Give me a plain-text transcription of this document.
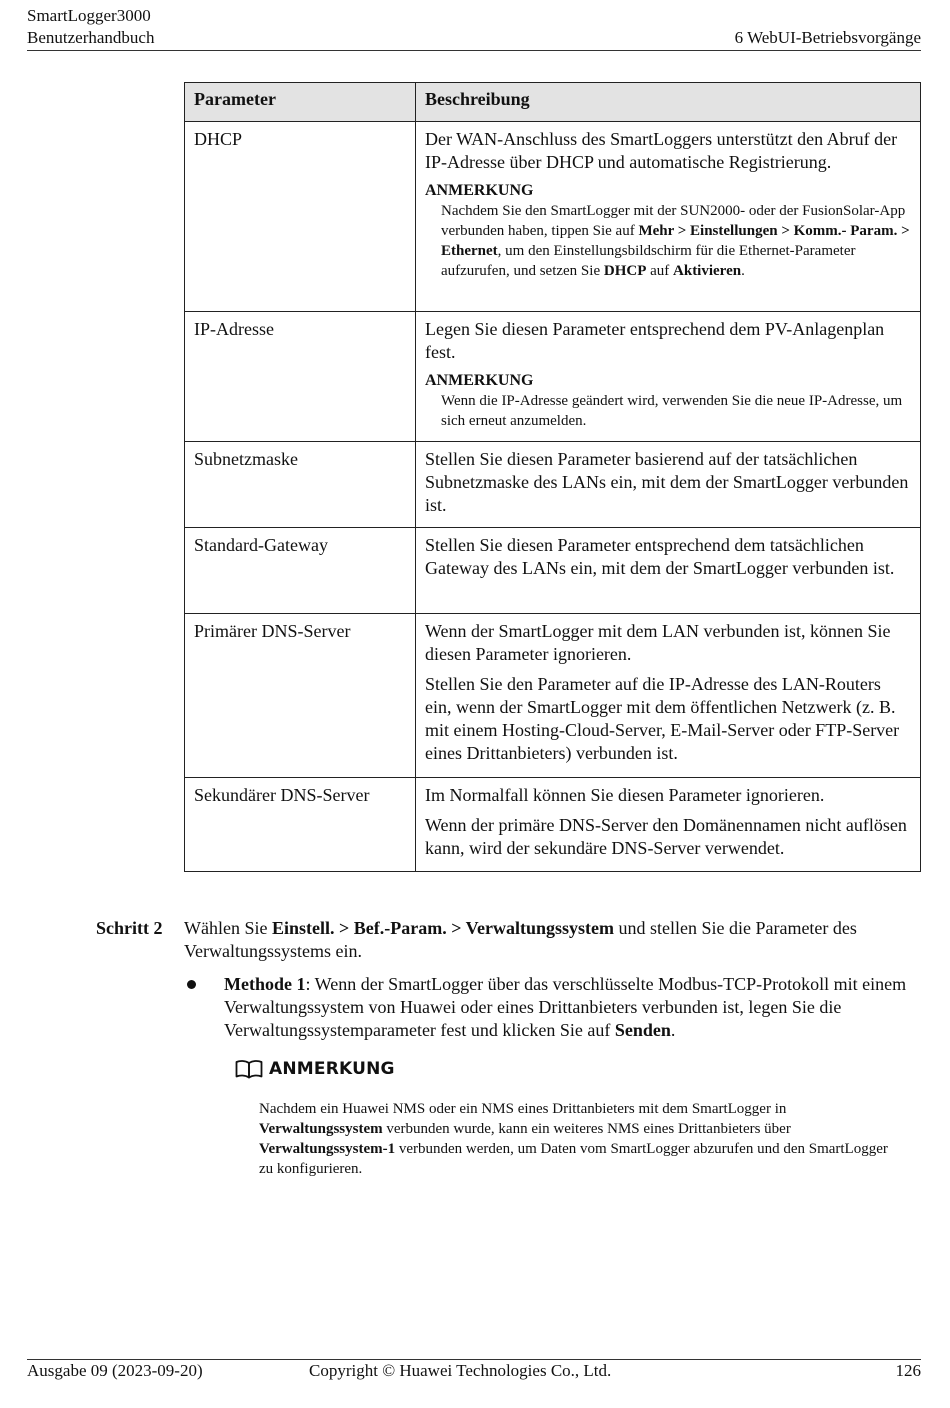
SmartLogger3000
Benutzerhandbuch	6 WebUI-Betriebsvorgänge
Parameter	Beschreibung
DHCP	Der WAN-Anschluss des SmartLoggers unterstützt den Abruf der IP-Adresse über DHCP und automatische Registrierung.

ANMERKUNG
Nachdem Sie den SmartLogger mit der SUN2000- oder der FusionSolar-App verbunden haben, tippen Sie auf Mehr > Einstellungen > Komm.- Param. > Ethernet, um den Einstellungsbildschirm für die Ethernet-Parameter aufzurufen, und setzen Sie DHCP auf Aktivieren.

IP-Adresse	Legen Sie diesen Parameter entsprechend dem PV-Anlagenplan fest.

ANMERKUNG
Wenn die IP-Adresse geändert wird, verwenden Sie die neue IP-Adresse, um sich erneut anzumelden.

Subnetzmaske	Stellen Sie diesen Parameter basierend auf der tatsächlichen Subnetzmaske des LANs ein, mit dem der SmartLogger verbunden ist.

Standard-Gateway	Stellen Sie diesen Parameter entsprechend dem tatsächlichen Gateway des LANs ein, mit dem der SmartLogger verbunden ist.

Primärer DNS-Server	Wenn der SmartLogger mit dem LAN verbunden ist, können Sie diesen Parameter ignorieren.

Stellen Sie den Parameter auf die IP-Adresse des LAN-Routers ein, wenn der SmartLogger mit dem öffentlichen Netzwerk (z. B. mit einem Hosting-Cloud-Server, E-Mail-Server oder FTP-Server eines Drittanbieters) verbunden ist.

Sekundärer DNS-Server	Im Normalfall können Sie diesen Parameter ignorieren.

Wenn der primäre DNS-Server den Domänennamen nicht auflösen kann, wird der sekundäre DNS-Server verwendet.

Schritt 2 Wählen Sie Einstell. > Bef.-Param. > Verwaltungssystem und stellen Sie die Parameter des Verwaltungssystems ein.
Methode 1: Wenn der SmartLogger über das verschlüsselte Modbus-TCP-Protokoll mit einem Verwaltungssystem von Huawei oder eines Drittanbieters verbunden ist, legen Sie die Verwaltungssystemparameter fest und klicken Sie auf Senden.
ANMERKUNG
Nachdem ein Huawei NMS oder ein NMS eines Drittanbieters mit dem SmartLogger in Verwaltungssystem verbunden wurde, kann ein weiteres NMS eines Drittanbieters über Verwaltungssystem-1 verbunden werden, um Daten vom SmartLogger abzurufen und den SmartLogger zu konfigurieren.
Ausgabe 09 (2023-09-20)	Copyright © Huawei Technologies Co., Ltd.	126
